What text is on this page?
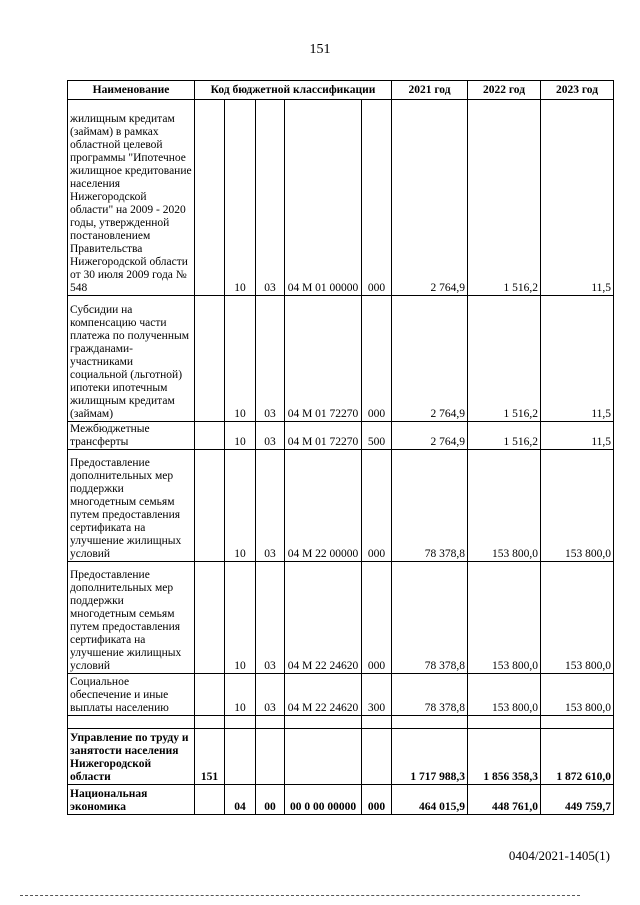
151
Наименование	Код бюджетной классификации					2021 год	2022 год	2023 год
жилищным кредитам (займам) в рамках областной целевой программы "Ипотечное жилищное кредитование населения Нижегородской области" на 2009 - 2020 годы, утвержденной постановлением Правительства Нижегородской области от 30 июля 2009 года № 548		10	03	04 М 01 00000	000	2 764,9	1 516,2	11,5
Субсидии на компенсацию части платежа по полученным гражданами-участниками социальной (льготной) ипотеки ипотечным жилищным кредитам (займам)		10	03	04 М 01 72270	000	2 764,9	1 516,2	11,5
Межбюджетные трансферты		10	03	04 М 01 72270	500	2 764,9	1 516,2	11,5
Предоставление дополнительных мер поддержки многодетным семьям путем предоставления сертификата на улучшение жилищных условий		10	03	04 М 22 00000	000	78 378,8	153 800,0	153 800,0
Предоставление дополнительных мер поддержки многодетным семьям путем предоставления сертификата на улучшение жилищных условий		10	03	04 М 22 24620	000	78 378,8	153 800,0	153 800,0
Социальное обеспечение и иные выплаты населению		10	03	04 М 22 24620	300	78 378,8	153 800,0	153 800,0

Управление по труду и занятости населения Нижегородской области	151					1 717 988,3	1 856 358,3	1 872 610,0
Национальная экономика		04	00	00 0 00 00000	000	464 015,9	448 761,0	449 759,7
0404/2021-1405(1)
